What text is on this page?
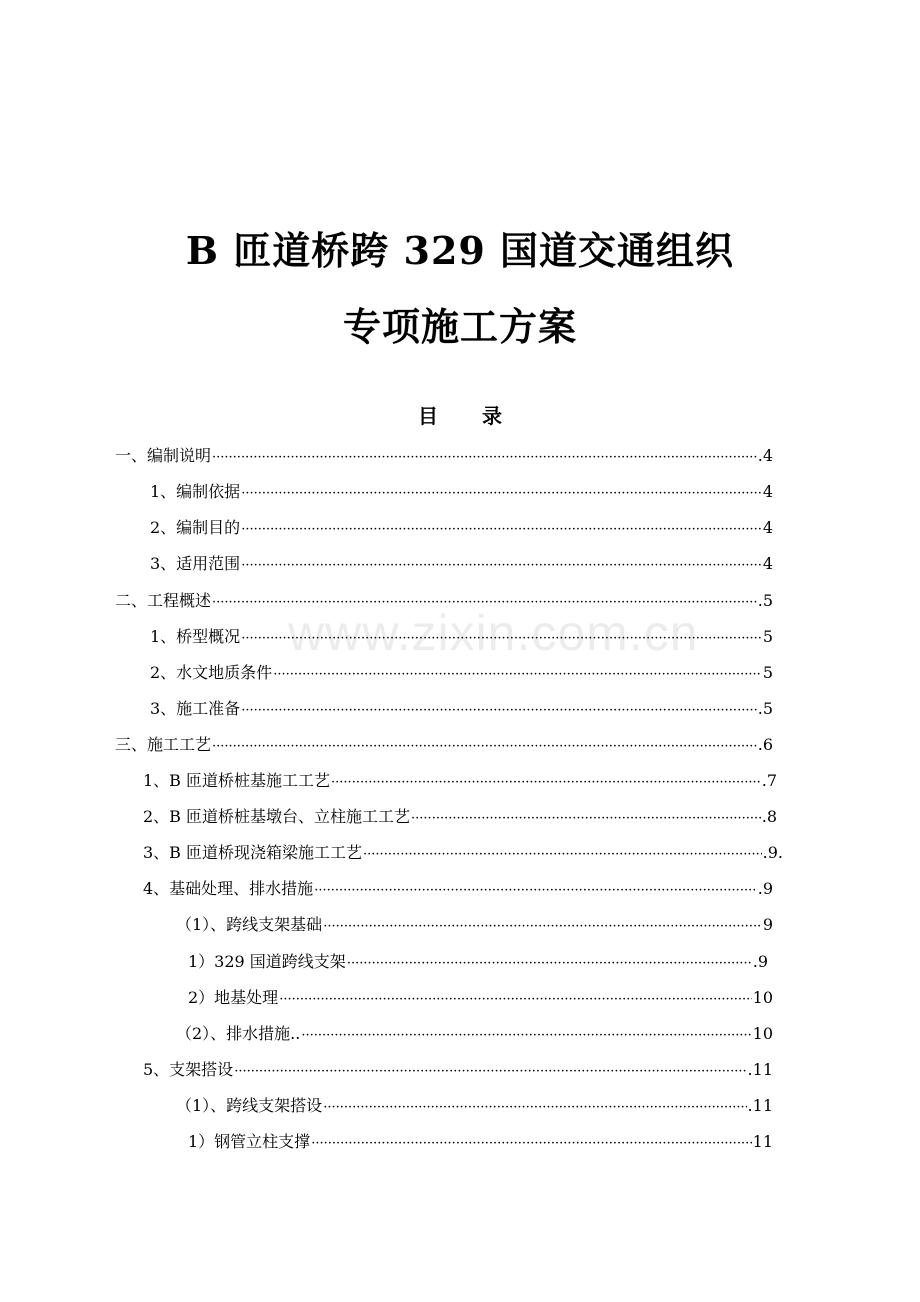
B 匝道桥跨 329 国道交通组织
专项施工方案
目录
www.zixin.com.cn
一、编制说明 ·····	.4
1、编制依据 ·····	4
2、编制目的 ·····	4
3、适用范围 ·····	4
二、工程概述 ·····	.5
1、桥型概况 ·····	5
2、水文地质条件 ·····	5
3、施工准备 ·····	.5
三、施工工艺 ·····	.6
1、B 匝道桥桩基施工工艺 ·····	.7
2、B 匝道桥桩基墩台、立柱施工工艺 ·····	.8
3、B 匝道桥现浇箱梁施工工艺 ·····	.9.
4、基础处理、排水措施 ·····	.9
（1）、跨线支架基础 ·····	9
1）329 国道跨线支架 ·····	.9
2）地基处理 ·····	10
（2）、排水措施.. ·····	10
5、支架搭设 ·····	.11
（1）、跨线支架搭设 ·····	.11
1）钢管立柱支撑 ·····	11
